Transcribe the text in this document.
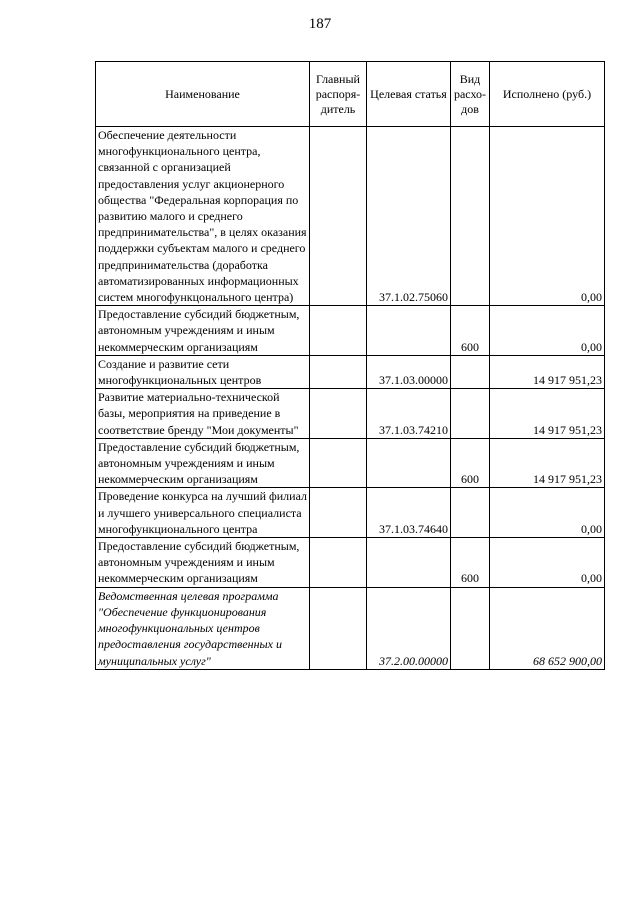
187
Наименование	Главный распоря-дитель	Целевая статья	Вид расхо-дов	Исполнено (руб.)
Обеспечение деятельности многофункционального центра, связанной с организацией предоставления услуг акционерного общества "Федеральная корпорация по развитию малого и среднего предпринимательства", в целях оказания поддержки субъектам малого и среднего предпринимательства (доработка автоматизированных информационных систем многофункцонального центра)		37.1.02.75060		0,00
Предоставление субсидий бюджетным, автономным учреждениям и иным некоммерческим организациям			600	0,00
Создание и развитие сети многофункциональных центров		37.1.03.00000		14 917 951,23
Развитие материально-технической базы, мероприятия на приведение в соответствие бренду "Мои документы"		37.1.03.74210		14 917 951,23
Предоставление субсидий бюджетным, автономным учреждениям и иным некоммерческим организациям			600	14 917 951,23
Проведение конкурса на лучший филиал и лучшего универсального специалиста многофункционального центра		37.1.03.74640		0,00
Предоставление субсидий бюджетным, автономным учреждениям и иным некоммерческим организациям			600	0,00
Ведомственная целевая программа "Обеспечение функционирования многофункциональных центров предоставления государственных и муниципальных услуг"		37.2.00.00000		68 652 900,00
